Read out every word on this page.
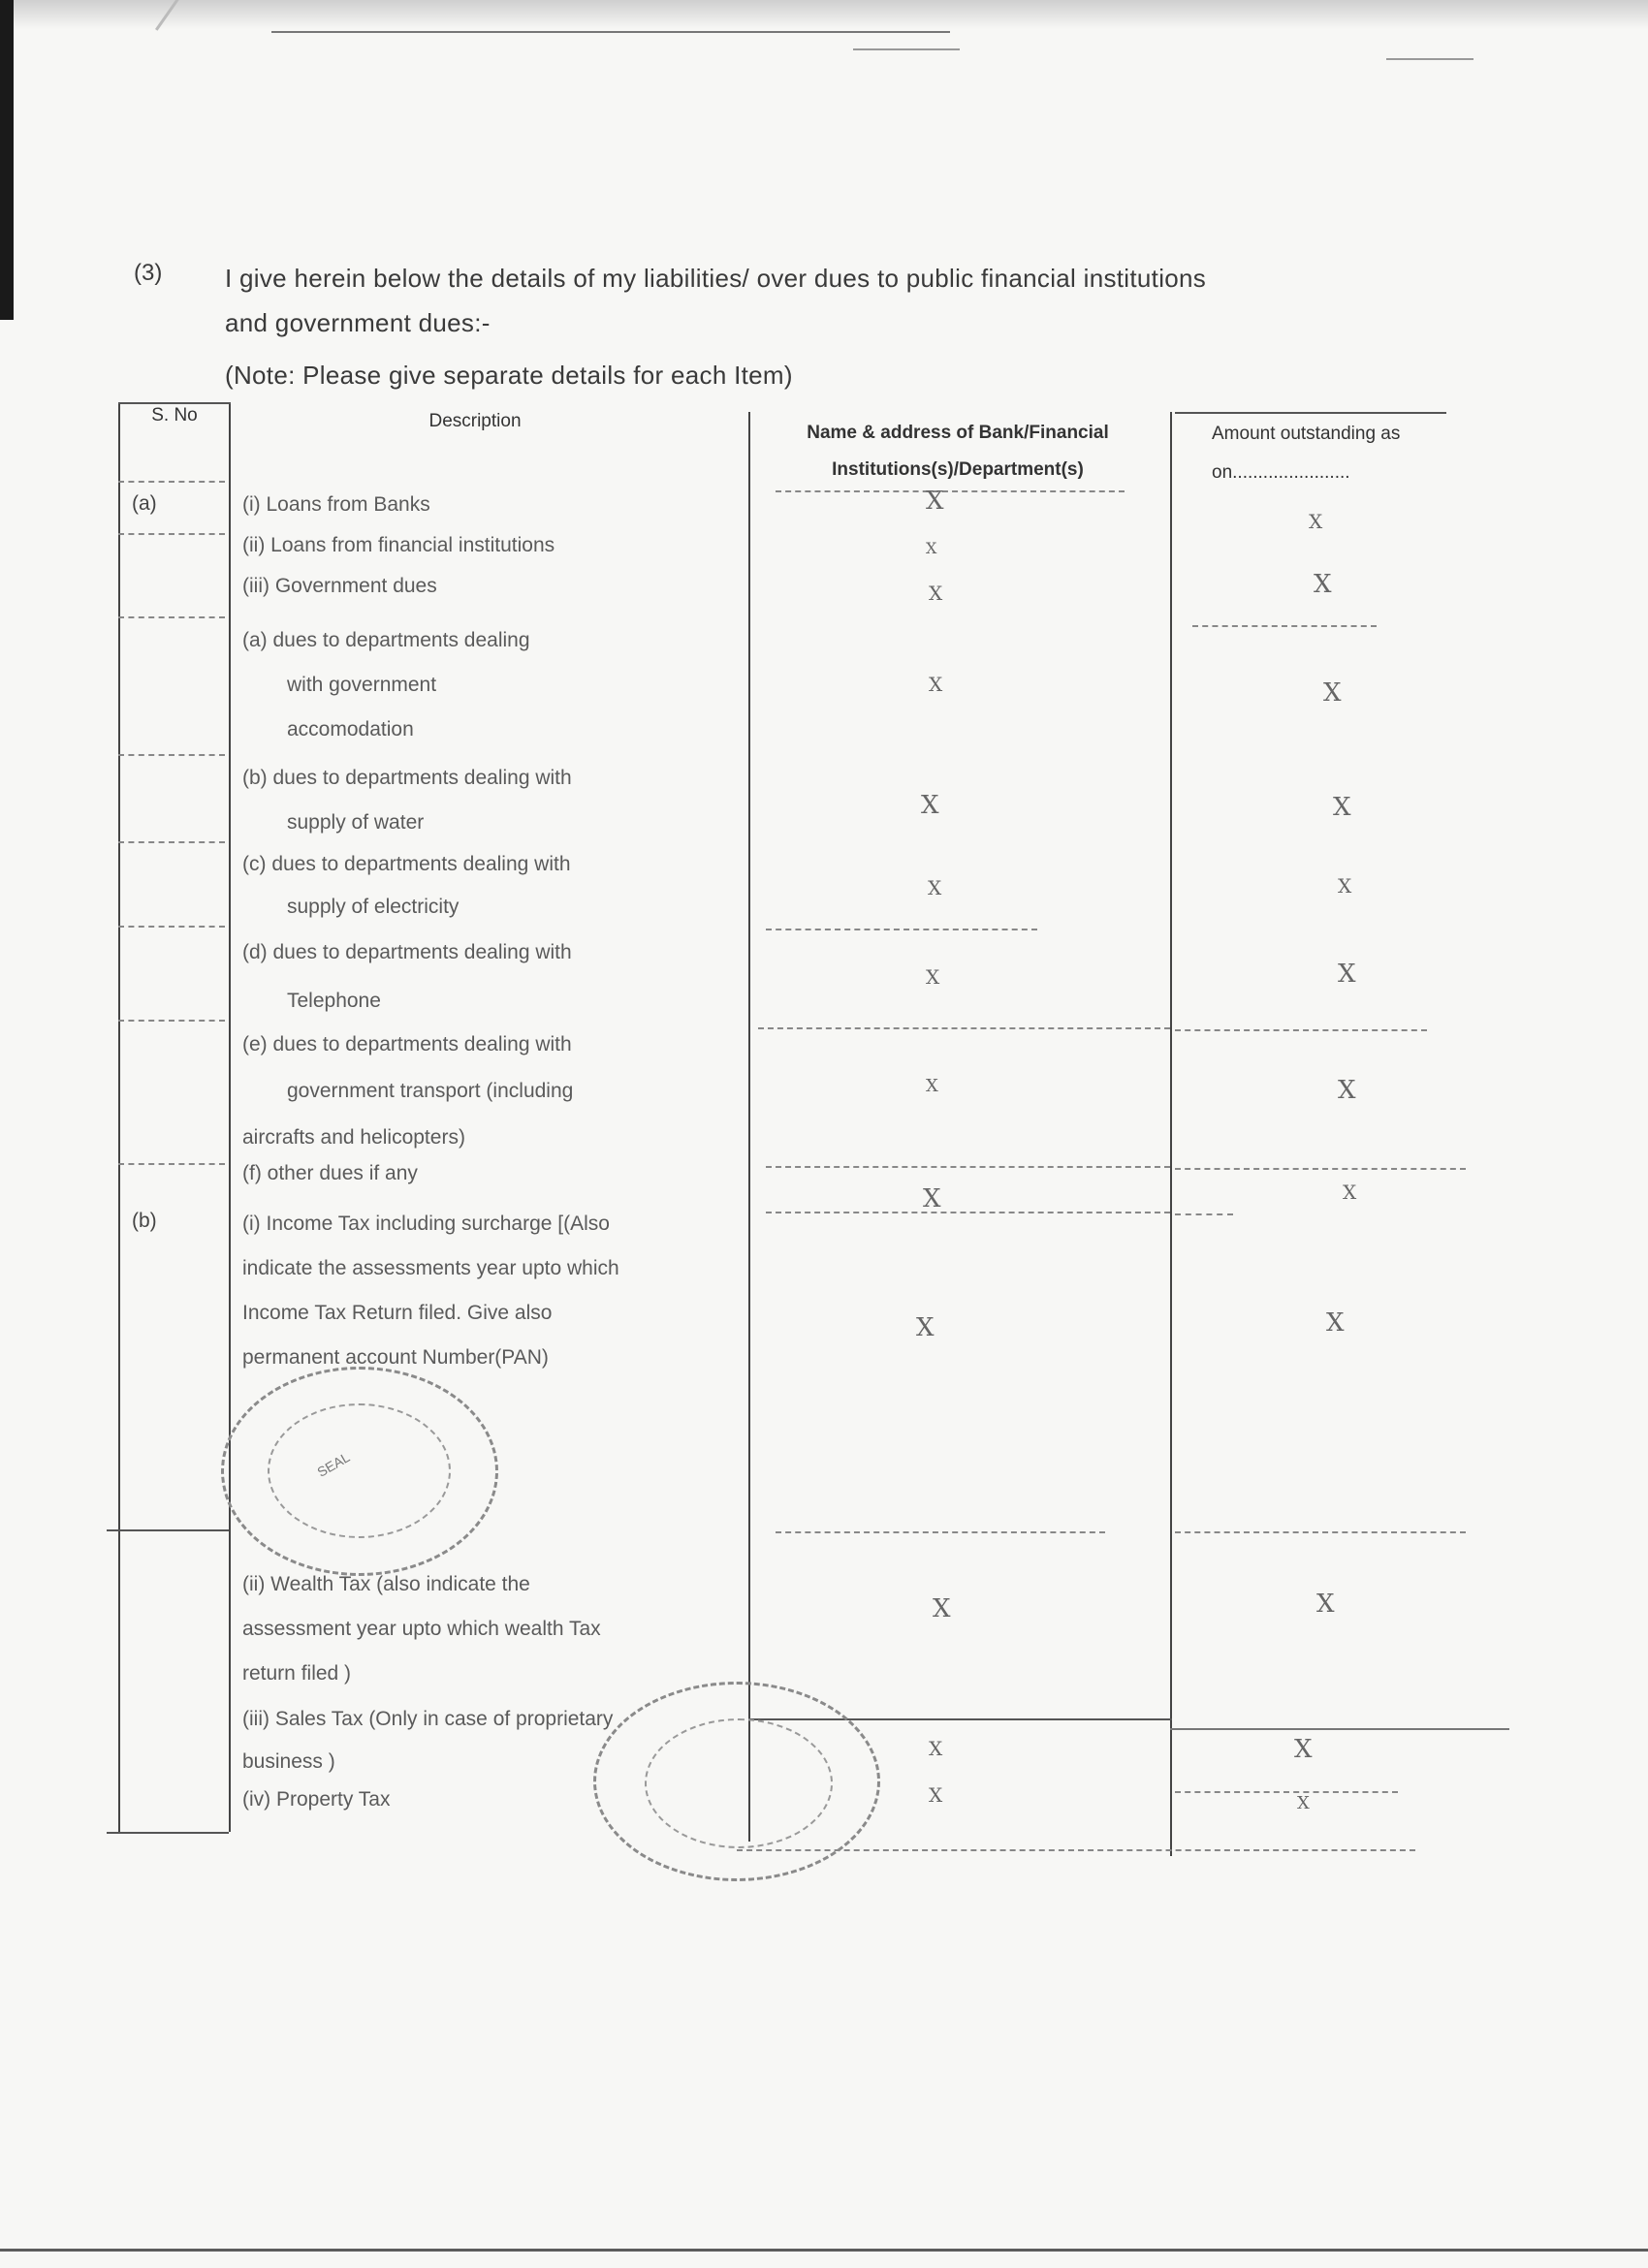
(3) I give herein below the details of my liabilities/ over dues to public financial institutions
and government dues:-
(Note: Please give separate details for each Item)
S. No	Description
Name & address of Bank/Financial
Institutions(s)/Department(s)
Amount outstanding as
on.......................
(a)
(b)
(i) Loans from Banks
(ii) Loans from financial institutions
(iii) Government dues
(a) dues to departments dealing
with government
accomodation
(b) dues to departments dealing with
supply of water
(c) dues to departments dealing with
supply of electricity
(d) dues to departments dealing with
Telephone
(e) dues to departments dealing with
government transport (including
aircrafts and helicopters)
(f) other dues if any
(i) Income Tax including surcharge [(Also
indicate the assessments year upto which
Income Tax Return filed. Give also
permanent account Number(PAN)
(ii) Wealth Tax (also indicate the
assessment year upto which wealth Tax
return filed )
(iii) Sales Tax (Only in case of proprietary
business )
(iv) Property Tax
X
X
X
X
X
X
X
X
X
X
X
X
X
X
X
X
X
X
X
X
X
X
X
X
X
SEAL
